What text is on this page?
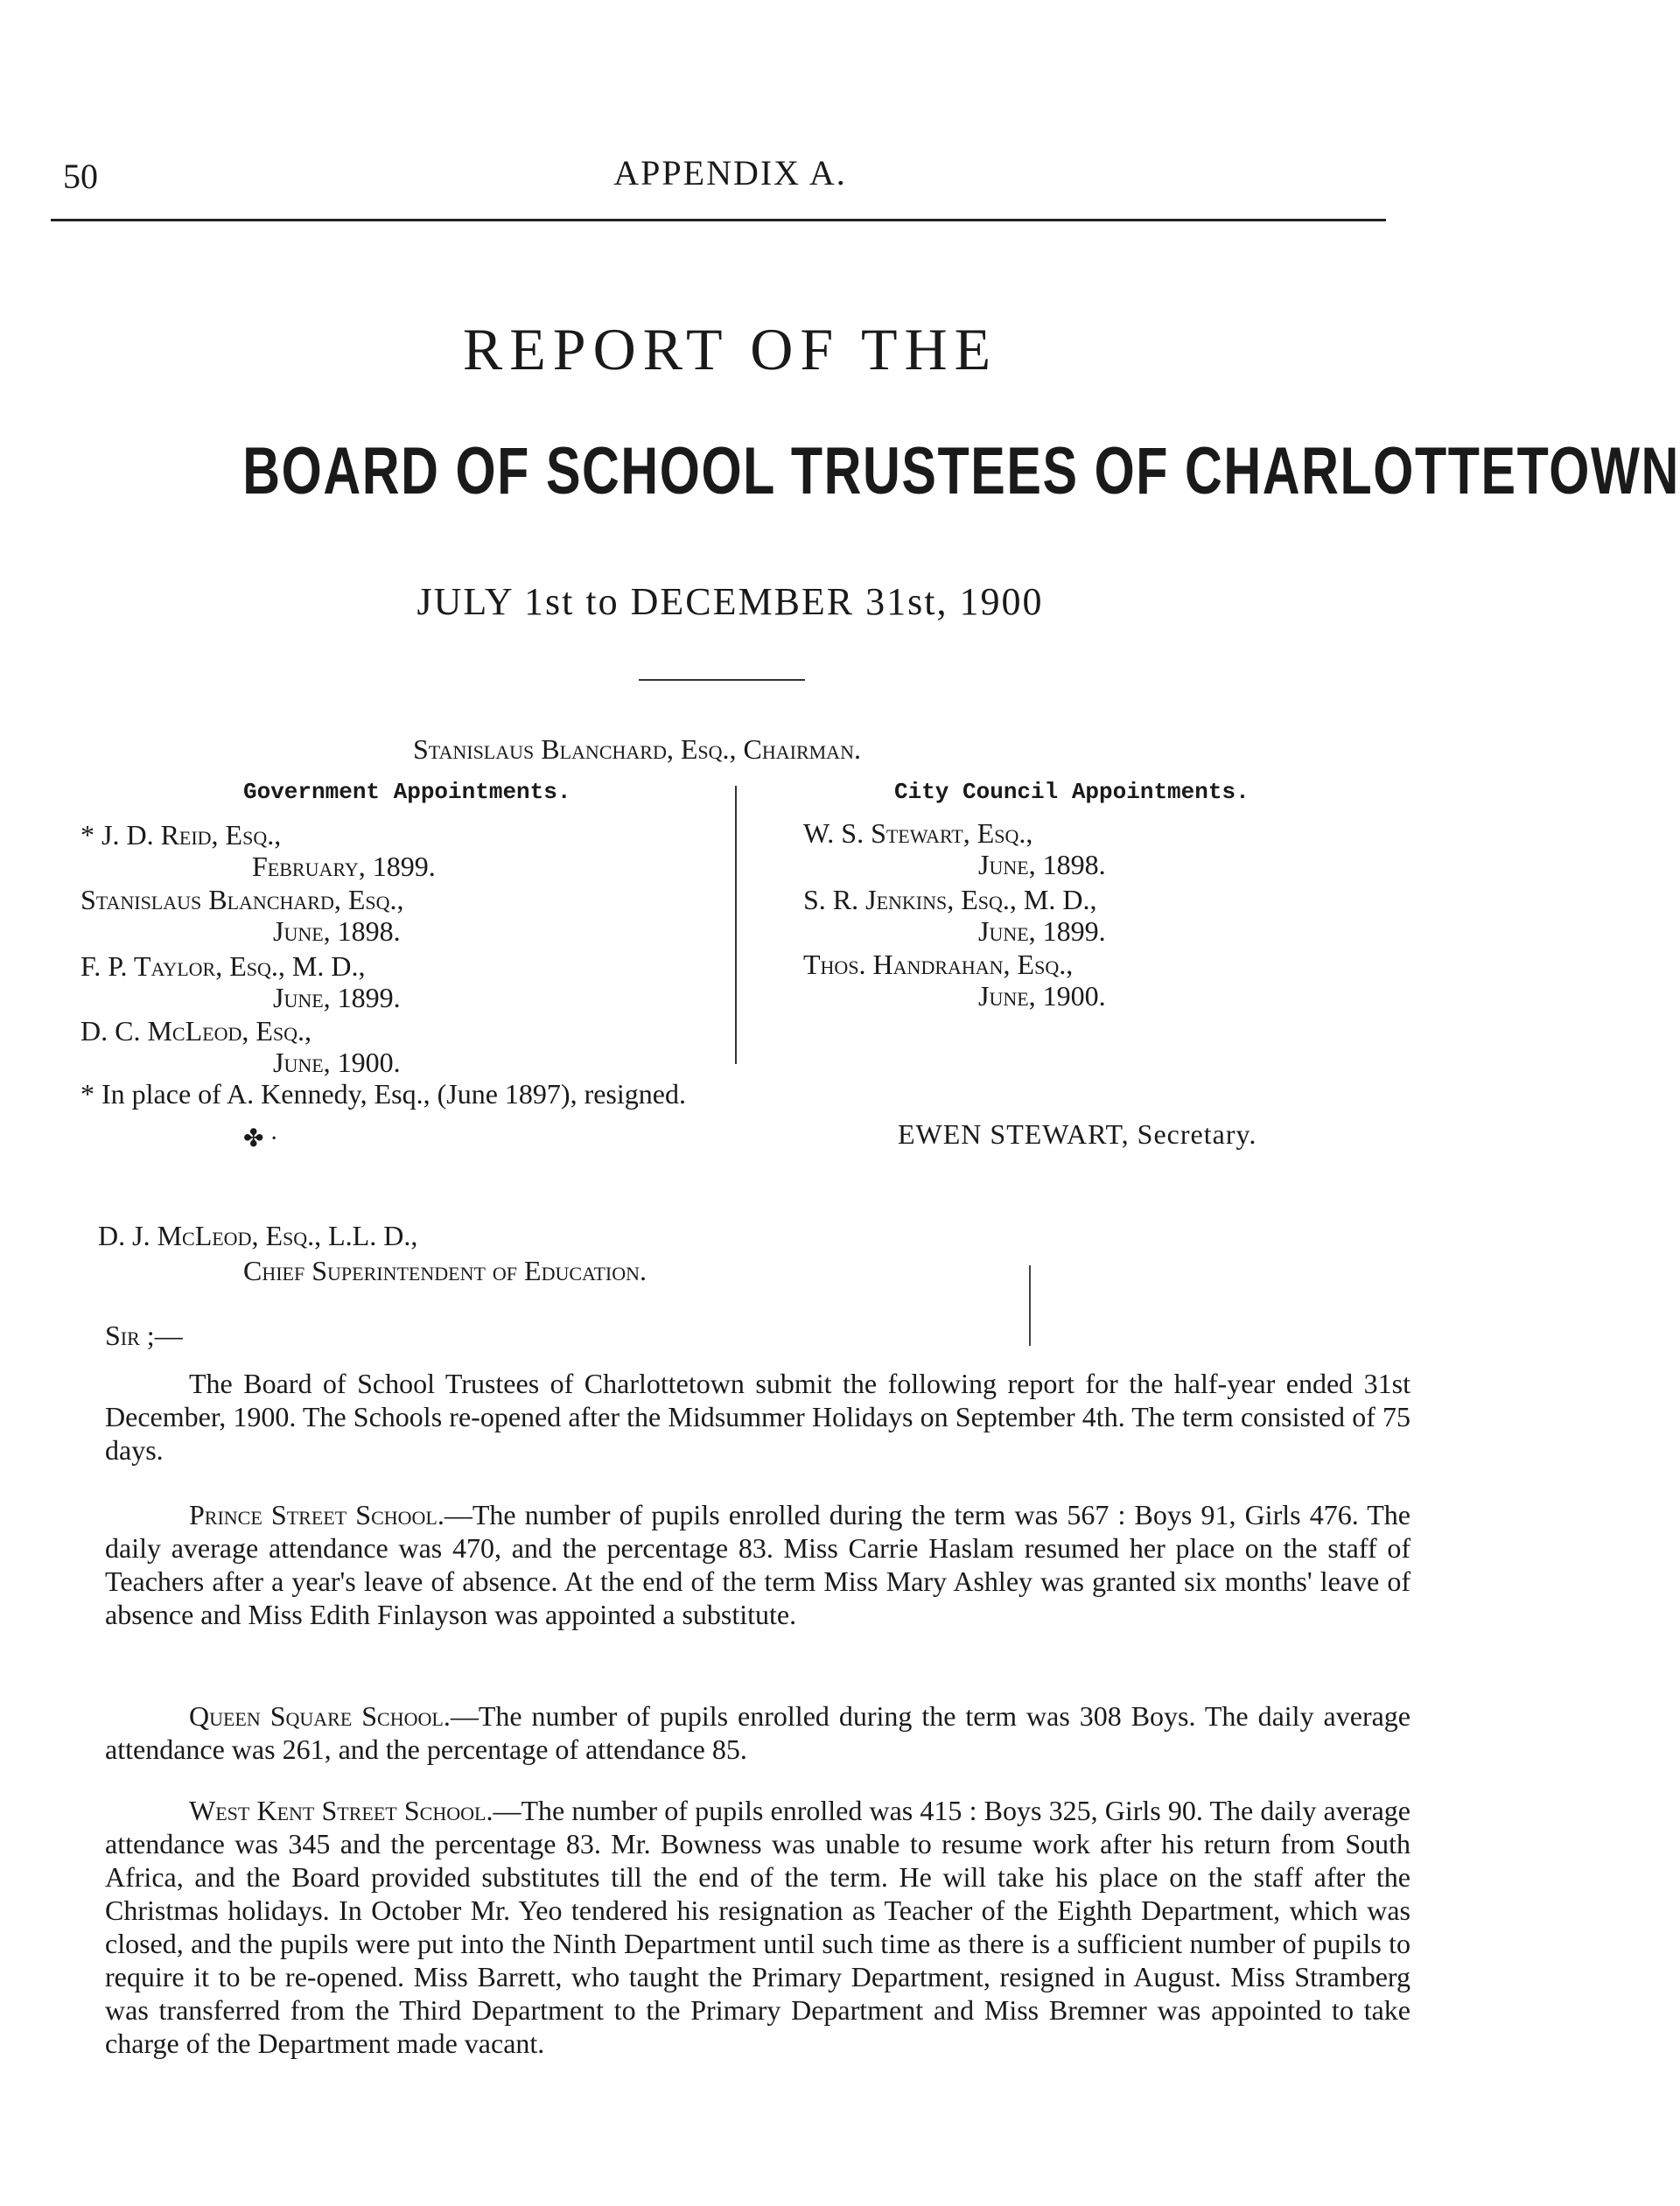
50	APPENDIX A.
REPORT OF THE
BOARD OF SCHOOL TRUSTEES OF CHARLOTTETOWN
JULY 1st to DECEMBER 31st, 1900
Stanislaus Blanchard, Esq., Chairman.
Government Appointments.	City Council Appointments.
* J. D. Reid, Esq.,
February, 1899.
Stanislaus Blanchard, Esq.,
June, 1898.
F. P. Taylor, Esq., M. D.,
June, 1899.
D. C. McLeod, Esq.,
June, 1900.
W. S. Stewart, Esq.,
June, 1898.
S. R. Jenkins, Esq., M. D.,
June, 1899.
Thos. Handrahan, Esq.,
June, 1900.
* In place of A. Kennedy, Esq., (June 1897), resigned.
✤ ·	EWEN STEWART, Secretary.
D. J. McLeod, Esq., L.L. D.,
Chief Superintendent of Education.
Sir ;—

The Board of School Trustees of Charlottetown submit the following report for the half-year ended 31st December, 1900. The Schools re-opened after the Midsummer Holidays on September 4th. The term consisted of 75 days.

Prince Street School.—The number of pupils enrolled during the term was 567 : Boys 91, Girls 476. The daily average attendance was 470, and the percentage 83. Miss Carrie Haslam resumed her place on the staff of Teachers after a year's leave of absence. At the end of the term Miss Mary Ashley was granted six months' leave of absence and Miss Edith Finlayson was appointed a substitute.

Queen Square School.—The number of pupils enrolled during the term was 308 Boys. The daily average attendance was 261, and the percentage of attendance 85.

West Kent Street School.—The number of pupils enrolled was 415 : Boys 325, Girls 90. The daily average attendance was 345 and the percentage 83. Mr. Bowness was unable to resume work after his return from South Africa, and the Board provided substitutes till the end of the term. He will take his place on the staff after the Christmas holidays. In October Mr. Yeo tendered his resignation as Teacher of the Eighth Department, which was closed, and the pupils were put into the Ninth Department until such time as there is a sufficient number of pupils to require it to be re-opened. Miss Barrett, who taught the Primary Department, resigned in August. Miss Stramberg was transferred from the Third Department to the Primary Department and Miss Bremner was appointed to take charge of the Department made vacant.
